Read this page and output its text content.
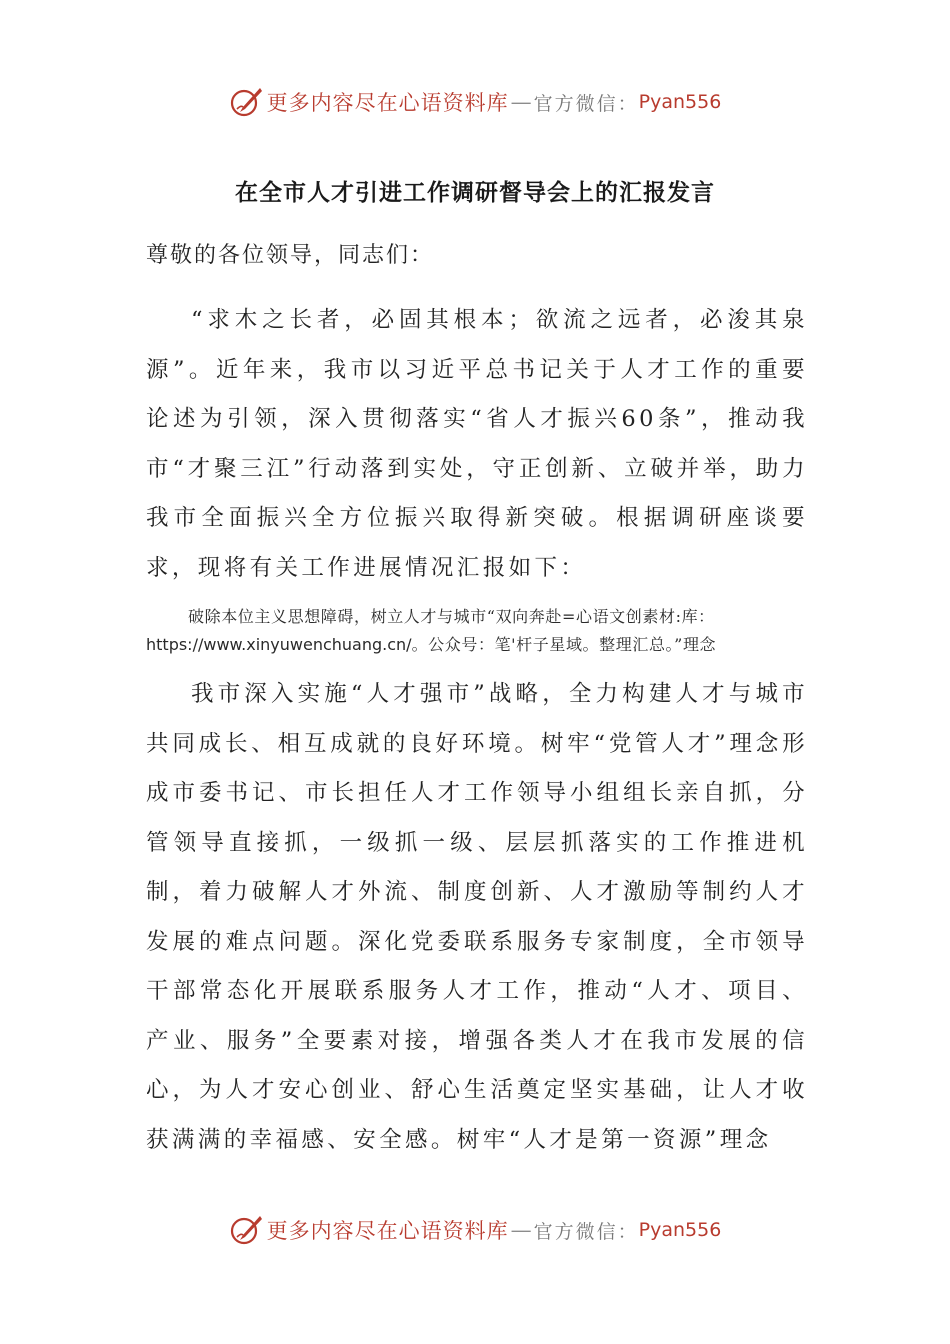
更多内容尽在心语资料库 — 官方微信： Pyan556
在全市人才引进工作调研督导会上的汇报发言
尊敬的各位领导，同志们：

“求木之长者，必固其根本；欲流之远者，必浚其泉源”。近年来，我市以习近平总书记关于人才工作的重要论述为引领，深入贯彻落实“省人才振兴60条”，推动我市“才聚三江”行动落到实处，守正创新、立破并举，助力我市全面振兴全方位振兴取得新突破。根据调研座谈要求，现将有关工作进展情况汇报如下：

破除本位主义思想障碍，树立人才与城市“双向奔赴=心语文创素材:库：https://www.xinyuwenchuang.cn/。公众号：笔'杆子星域。整理汇总。”理念

我市深入实施“人才强市”战略，全力构建人才与城市共同成长、相互成就的良好环境。树牢“党管人才”理念形成市委书记、市长担任人才工作领导小组组长亲自抓，分管领导直接抓，一级抓一级、层层抓落实的工作推进机制，着力破解人才外流、制度创新、人才激励等制约人才发展的难点问题。深化党委联系服务专家制度，全市领导干部常态化开展联系服务人才工作，推动“人才、项目、产业、服务”全要素对接，增强各类人才在我市发展的信心，为人才安心创业、舒心生活奠定坚实基础，让人才收获满满的幸福感、安全感。树牢“人才是第一资源”理念

更多内容尽在心语资料库 — 官方微信： Pyan556
